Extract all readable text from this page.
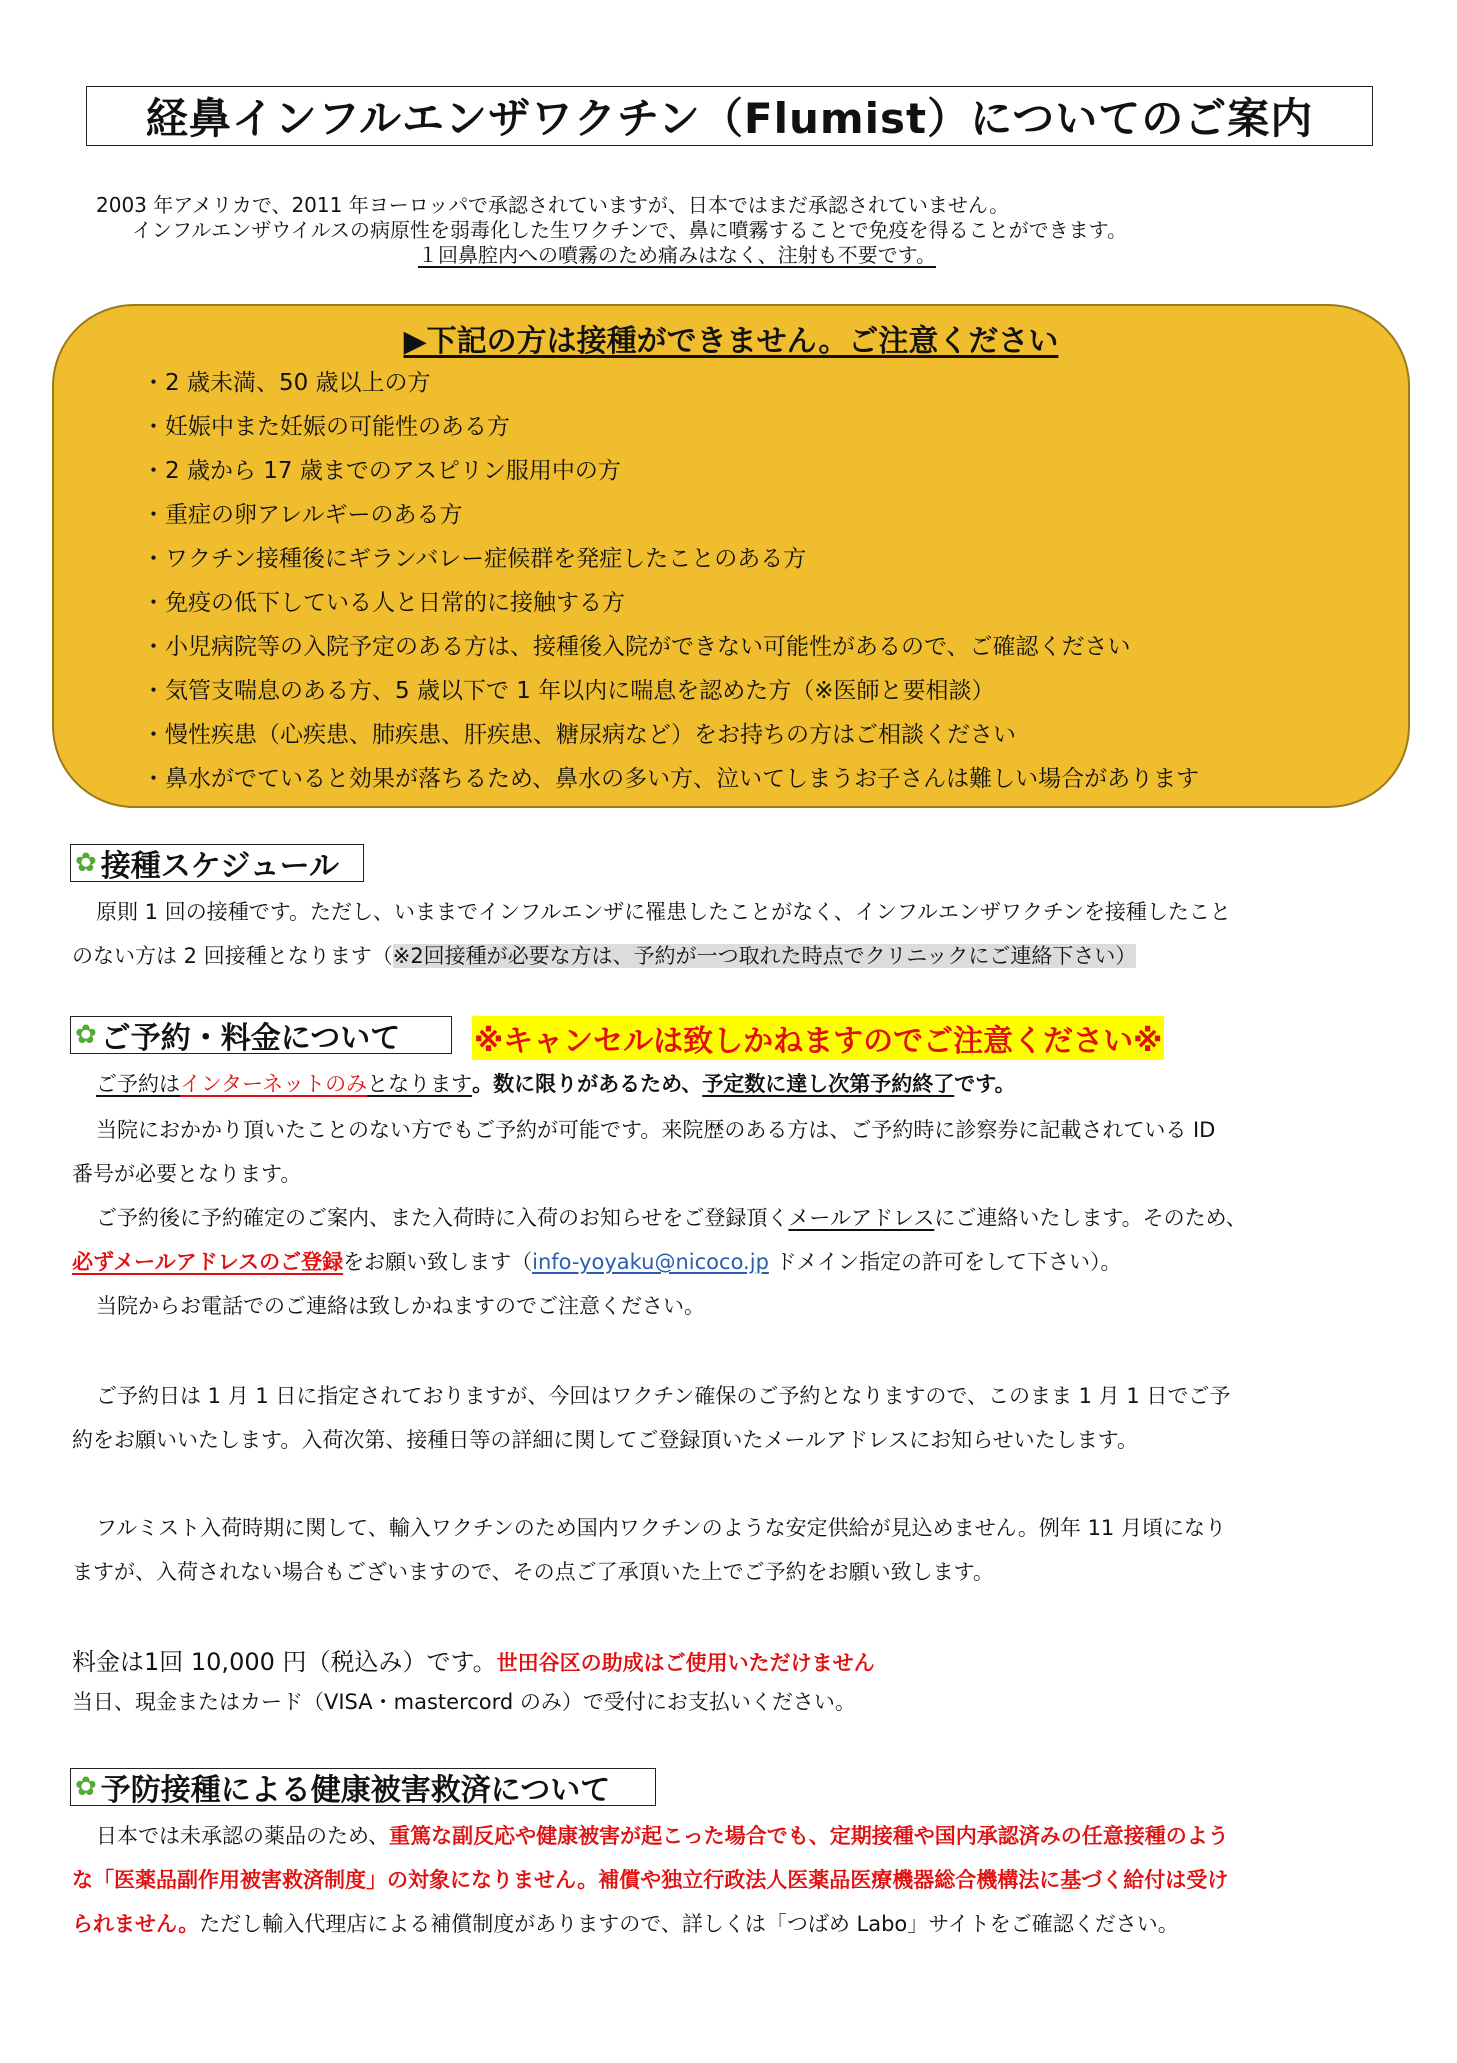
経鼻インフルエンザワクチン（Flumist）についてのご案内
2003 年アメリカで、2011 年ヨーロッパで承認されていますが、日本ではまだ承認されていません。
インフルエンザウイルスの病原性を弱毒化した生ワクチンで、鼻に噴霧することで免疫を得ることができます。
１回鼻腔内への噴霧のため痛みはなく、注射も不要です。
▶下記の方は接種ができません。ご注意ください
・2 歳未満、50 歳以上の方
・妊娠中また妊娠の可能性のある方
・2 歳から 17 歳までのアスピリン服用中の方
・重症の卵アレルギーのある方
・ワクチン接種後にギランバレー症候群を発症したことのある方
・免疫の低下している人と日常的に接触する方
・小児病院等の入院予定のある方は、接種後入院ができない可能性があるので、ご確認ください
・気管支喘息のある方、5 歳以下で 1 年以内に喘息を認めた方（※医師と要相談）
・慢性疾患（心疾患、肺疾患、肝疾患、糖尿病など）をお持ちの方はご相談ください
・鼻水がでていると効果が落ちるため、鼻水の多い方、泣いてしまうお子さんは難しい場合があります
✿ 接種スケジュール
原則 1 回の接種です。ただし、いままでインフルエンザに罹患したことがなく、インフルエンザワクチンを接種したこと
のない方は 2 回接種となります（※2回接種が必要な方は、予約が一つ取れた時点でクリニックにご連絡下さい）
✿ ご予約・料金について ※キャンセルは致しかねますのでご注意ください※
ご予約はインターネットのみとなります。数に限りがあるため、予定数に達し次第予約終了です。
当院におかかり頂いたことのない方でもご予約が可能です。来院歴のある方は、ご予約時に診察券に記載されている ID
番号が必要となります。
ご予約後に予約確定のご案内、また入荷時に入荷のお知らせをご登録頂くメールアドレスにご連絡いたします。そのため、
必ずメールアドレスのご登録をお願い致します（info-yoyaku@nicoco.jp ドメイン指定の許可をして下さい）。
当院からお電話でのご連絡は致しかねますのでご注意ください。
ご予約日は 1 月 1 日に指定されておりますが、今回はワクチン確保のご予約となりますので、このまま 1 月 1 日でご予
約をお願いいたします。入荷次第、接種日等の詳細に関してご登録頂いたメールアドレスにお知らせいたします。
フルミスト入荷時期に関して、輸入ワクチンのため国内ワクチンのような安定供給が見込めません。例年 11 月頃になり
ますが、入荷されない場合もございますので、その点ご了承頂いた上でご予約をお願い致します。
料金は1回 10,000 円（税込み）です。世田谷区の助成はご使用いただけません
当日、現金またはカード（VISA・mastercord のみ）で受付にお支払いください。
✿ 予防接種による健康被害救済について
日本では未承認の薬品のため、重篤な副反応や健康被害が起こった場合でも、定期接種や国内承認済みの任意接種のよう
な「医薬品副作用被害救済制度」の対象になりません。補償や独立行政法人医薬品医療機器総合機構法に基づく給付は受け
られません。ただし輸入代理店による補償制度がありますので、詳しくは「つばめ Labo」サイトをご確認ください。
